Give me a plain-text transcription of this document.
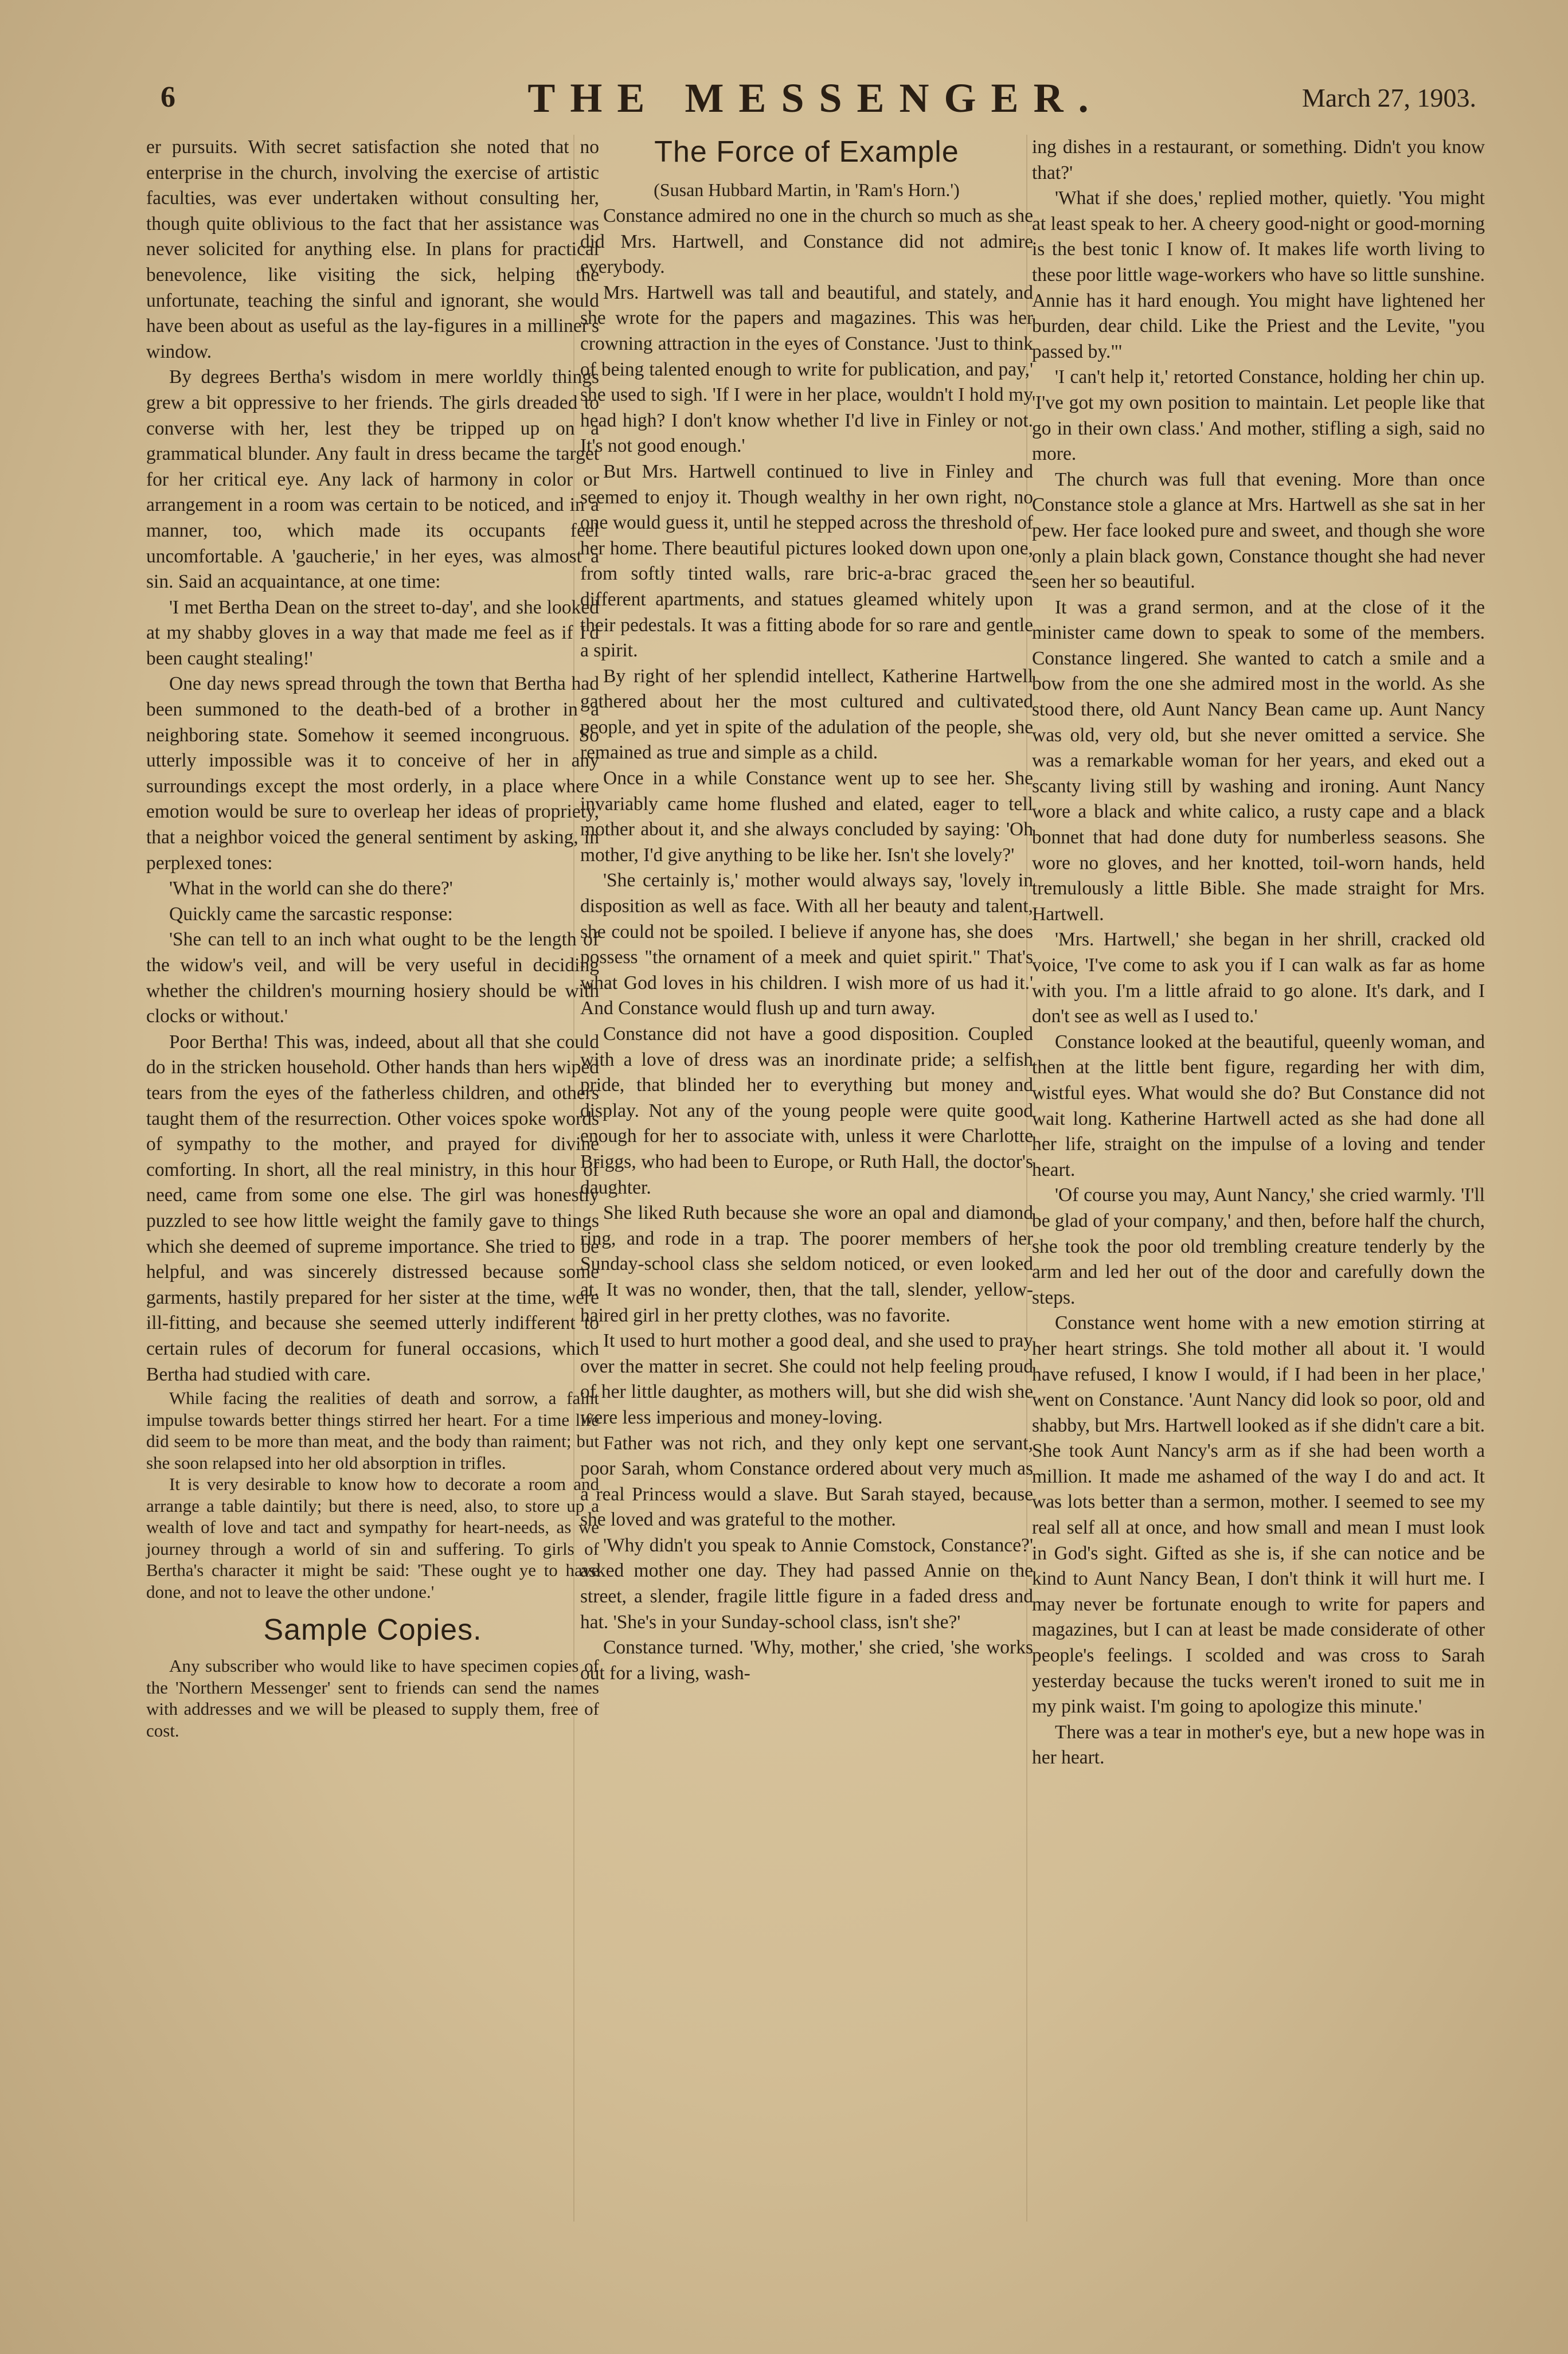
6	THE MESSENGER.	March 27, 1903.

er pursuits. With secret satisfaction she noted that no enterprise in the church, involving the exercise of artistic faculties, was ever undertaken without consulting her, though quite oblivious to the fact that her assistance was never solicited for anything else. In plans for practical benevolence, like visiting the sick, helping the unfortunate, teaching the sinful and ignorant, she would have been about as useful as the lay-figures in a milliner's window.

By degrees Bertha's wisdom in mere worldly things grew a bit oppressive to her friends. The girls dreaded to converse with her, lest they be tripped up on a grammatical blunder. Any fault in dress became the target for her critical eye. Any lack of harmony in color or arrangement in a room was certain to be noticed, and in a manner, too, which made its occupants feel uncomfortable. A 'gaucherie,' in her eyes, was almost a sin. Said an acquaintance, at one time:

'I met Bertha Dean on the street to-day', and she looked at my shabby gloves in a way that made me feel as if I'd been caught stealing!'

One day news spread through the town that Bertha had been summoned to the death-bed of a brother in a neighboring state. Somehow it seemed incongruous. So utterly impossible was it to conceive of her in any surroundings except the most orderly, in a place where emotion would be sure to overleap her ideas of propriety, that a neighbor voiced the general sentiment by asking, in perplexed tones:

'What in the world can she do there?'

Quickly came the sarcastic response:

'She can tell to an inch what ought to be the length of the widow's veil, and will be very useful in deciding whether the children's mourning hosiery should be with clocks or without.'

Poor Bertha! This was, indeed, about all that she could do in the stricken household. Other hands than hers wiped tears from the eyes of the fatherless children, and others taught them of the resurrection. Other voices spoke words of sympathy to the mother, and prayed for divine comforting. In short, all the real ministry, in this hour of need, came from some one else. The girl was honestly puzzled to see how little weight the family gave to things which she deemed of supreme importance. She tried to be helpful, and was sincerely distressed because some garments, hastily prepared for her sister at the time, were ill-fitting, and because she seemed utterly indifferent to certain rules of decorum for funeral occasions, which Bertha had studied with care.

While facing the realities of death and sorrow, a faint impulse towards better things stirred her heart. For a time life did seem to be more than meat, and the body than raiment; but she soon relapsed into her old absorption in trifles.

It is very desirable to know how to decorate a room and arrange a table daintily; but there is need, also, to store up a wealth of love and tact and sympathy for heart-needs, as we journey through a world of sin and suffering. To girls of Bertha's character it might be said: 'These ought ye to have done, and not to leave the other undone.'

Sample Copies.

Any subscriber who would like to have specimen copies of the 'Northern Messenger' sent to friends can send the names with addresses and we will be pleased to supply them, free of cost.

The Force of Example
(Susan Hubbard Martin, in 'Ram's Horn.')

Constance admired no one in the church so much as she did Mrs. Hartwell, and Constance did not admire everybody.

Mrs. Hartwell was tall and beautiful, and stately, and she wrote for the papers and magazines. This was her crowning attraction in the eyes of Constance. 'Just to think of being talented enough to write for publication, and pay,' she used to sigh. 'If I were in her place, wouldn't I hold my head high? I don't know whether I'd live in Finley or not. It's not good enough.'

But Mrs. Hartwell continued to live in Finley and seemed to enjoy it. Though wealthy in her own right, no one would guess it, until he stepped across the threshold of her home. There beautiful pictures looked down upon one, from softly tinted walls, rare bric-a-brac graced the different apartments, and statues gleamed whitely upon their pedestals. It was a fitting abode for so rare and gentle a spirit.

By right of her splendid intellect, Katherine Hartwell gathered about her the most cultured and cultivated people, and yet in spite of the adulation of the people, she remained as true and simple as a child.

Once in a while Constance went up to see her. She invariably came home flushed and elated, eager to tell mother about it, and she always concluded by saying: 'Oh mother, I'd give anything to be like her. Isn't she lovely?'

'She certainly is,' mother would always say, 'lovely in disposition as well as face. With all her beauty and talent, she could not be spoiled. I believe if anyone has, she does possess "the ornament of a meek and quiet spirit." That's what God loves in his children. I wish more of us had it.' And Constance would flush up and turn away.

Constance did not have a good disposition. Coupled with a love of dress was an inordinate pride; a selfish pride, that blinded her to everything but money and display. Not any of the young people were quite good enough for her to associate with, unless it were Charlotte Briggs, who had been to Europe, or Ruth Hall, the doctor's daughter.

She liked Ruth because she wore an opal and diamond ring, and rode in a trap. The poorer members of her Sunday-school class she seldom noticed, or even looked at. It was no wonder, then, that the tall, slender, yellow-haired girl in her pretty clothes, was no favorite.

It used to hurt mother a good deal, and she used to pray over the matter in secret. She could not help feeling proud of her little daughter, as mothers will, but she did wish she were less imperious and money-loving.

Father was not rich, and they only kept one servant, poor Sarah, whom Constance ordered about very much as a real Princess would a slave. But Sarah stayed, because she loved and was grateful to the mother.

'Why didn't you speak to Annie Comstock, Constance?' asked mother one day. They had passed Annie on the street, a slender, fragile little figure in a faded dress and hat. 'She's in your Sunday-school class, isn't she?'

Constance turned. 'Why, mother,' she cried, 'she works out for a living, wash-

ing dishes in a restaurant, or something. Didn't you know that?'

'What if she does,' replied mother, quietly. 'You might at least speak to her. A cheery good-night or good-morning is the best tonic I know of. It makes life worth living to these poor little wage-workers who have so little sunshine. Annie has it hard enough. You might have lightened her burden, dear child. Like the Priest and the Levite, "you passed by."'

'I can't help it,' retorted Constance, holding her chin up. 'I've got my own position to maintain. Let people like that go in their own class.' And mother, stifling a sigh, said no more.

The church was full that evening. More than once Constance stole a glance at Mrs. Hartwell as she sat in her pew. Her face looked pure and sweet, and though she wore only a plain black gown, Constance thought she had never seen her so beautiful.

It was a grand sermon, and at the close of it the minister came down to speak to some of the members. Constance lingered. She wanted to catch a smile and a bow from the one she admired most in the world. As she stood there, old Aunt Nancy Bean came up. Aunt Nancy was old, very old, but she never omitted a service. She was a remarkable woman for her years, and eked out a scanty living still by washing and ironing. Aunt Nancy wore a black and white calico, a rusty cape and a black bonnet that had done duty for numberless seasons. She wore no gloves, and her knotted, toil-worn hands, held tremulously a little Bible. She made straight for Mrs. Hartwell.

'Mrs. Hartwell,' she began in her shrill, cracked old voice, 'I've come to ask you if I can walk as far as home with you. I'm a little afraid to go alone. It's dark, and I don't see as well as I used to.'

Constance looked at the beautiful, queenly woman, and then at the little bent figure, regarding her with dim, wistful eyes. What would she do? But Constance did not wait long. Katherine Hartwell acted as she had done all her life, straight on the impulse of a loving and tender heart.

'Of course you may, Aunt Nancy,' she cried warmly. 'I'll be glad of your company,' and then, before half the church, she took the poor old trembling creature tenderly by the arm and led her out of the door and carefully down the steps.

Constance went home with a new emotion stirring at her heart strings. She told mother all about it. 'I would have refused, I know I would, if I had been in her place,' went on Constance. 'Aunt Nancy did look so poor, old and shabby, but Mrs. Hartwell looked as if she didn't care a bit. She took Aunt Nancy's arm as if she had been worth a million. It made me ashamed of the way I do and act. It was lots better than a sermon, mother. I seemed to see my real self all at once, and how small and mean I must look in God's sight. Gifted as she is, if she can notice and be kind to Aunt Nancy Bean, I don't think it will hurt me. I may never be fortunate enough to write for papers and magazines, but I can at least be made considerate of other people's feelings. I scolded and was cross to Sarah yesterday because the tucks weren't ironed to suit me in my pink waist. I'm going to apologize this minute.'

There was a tear in mother's eye, but a new hope was in her heart.
